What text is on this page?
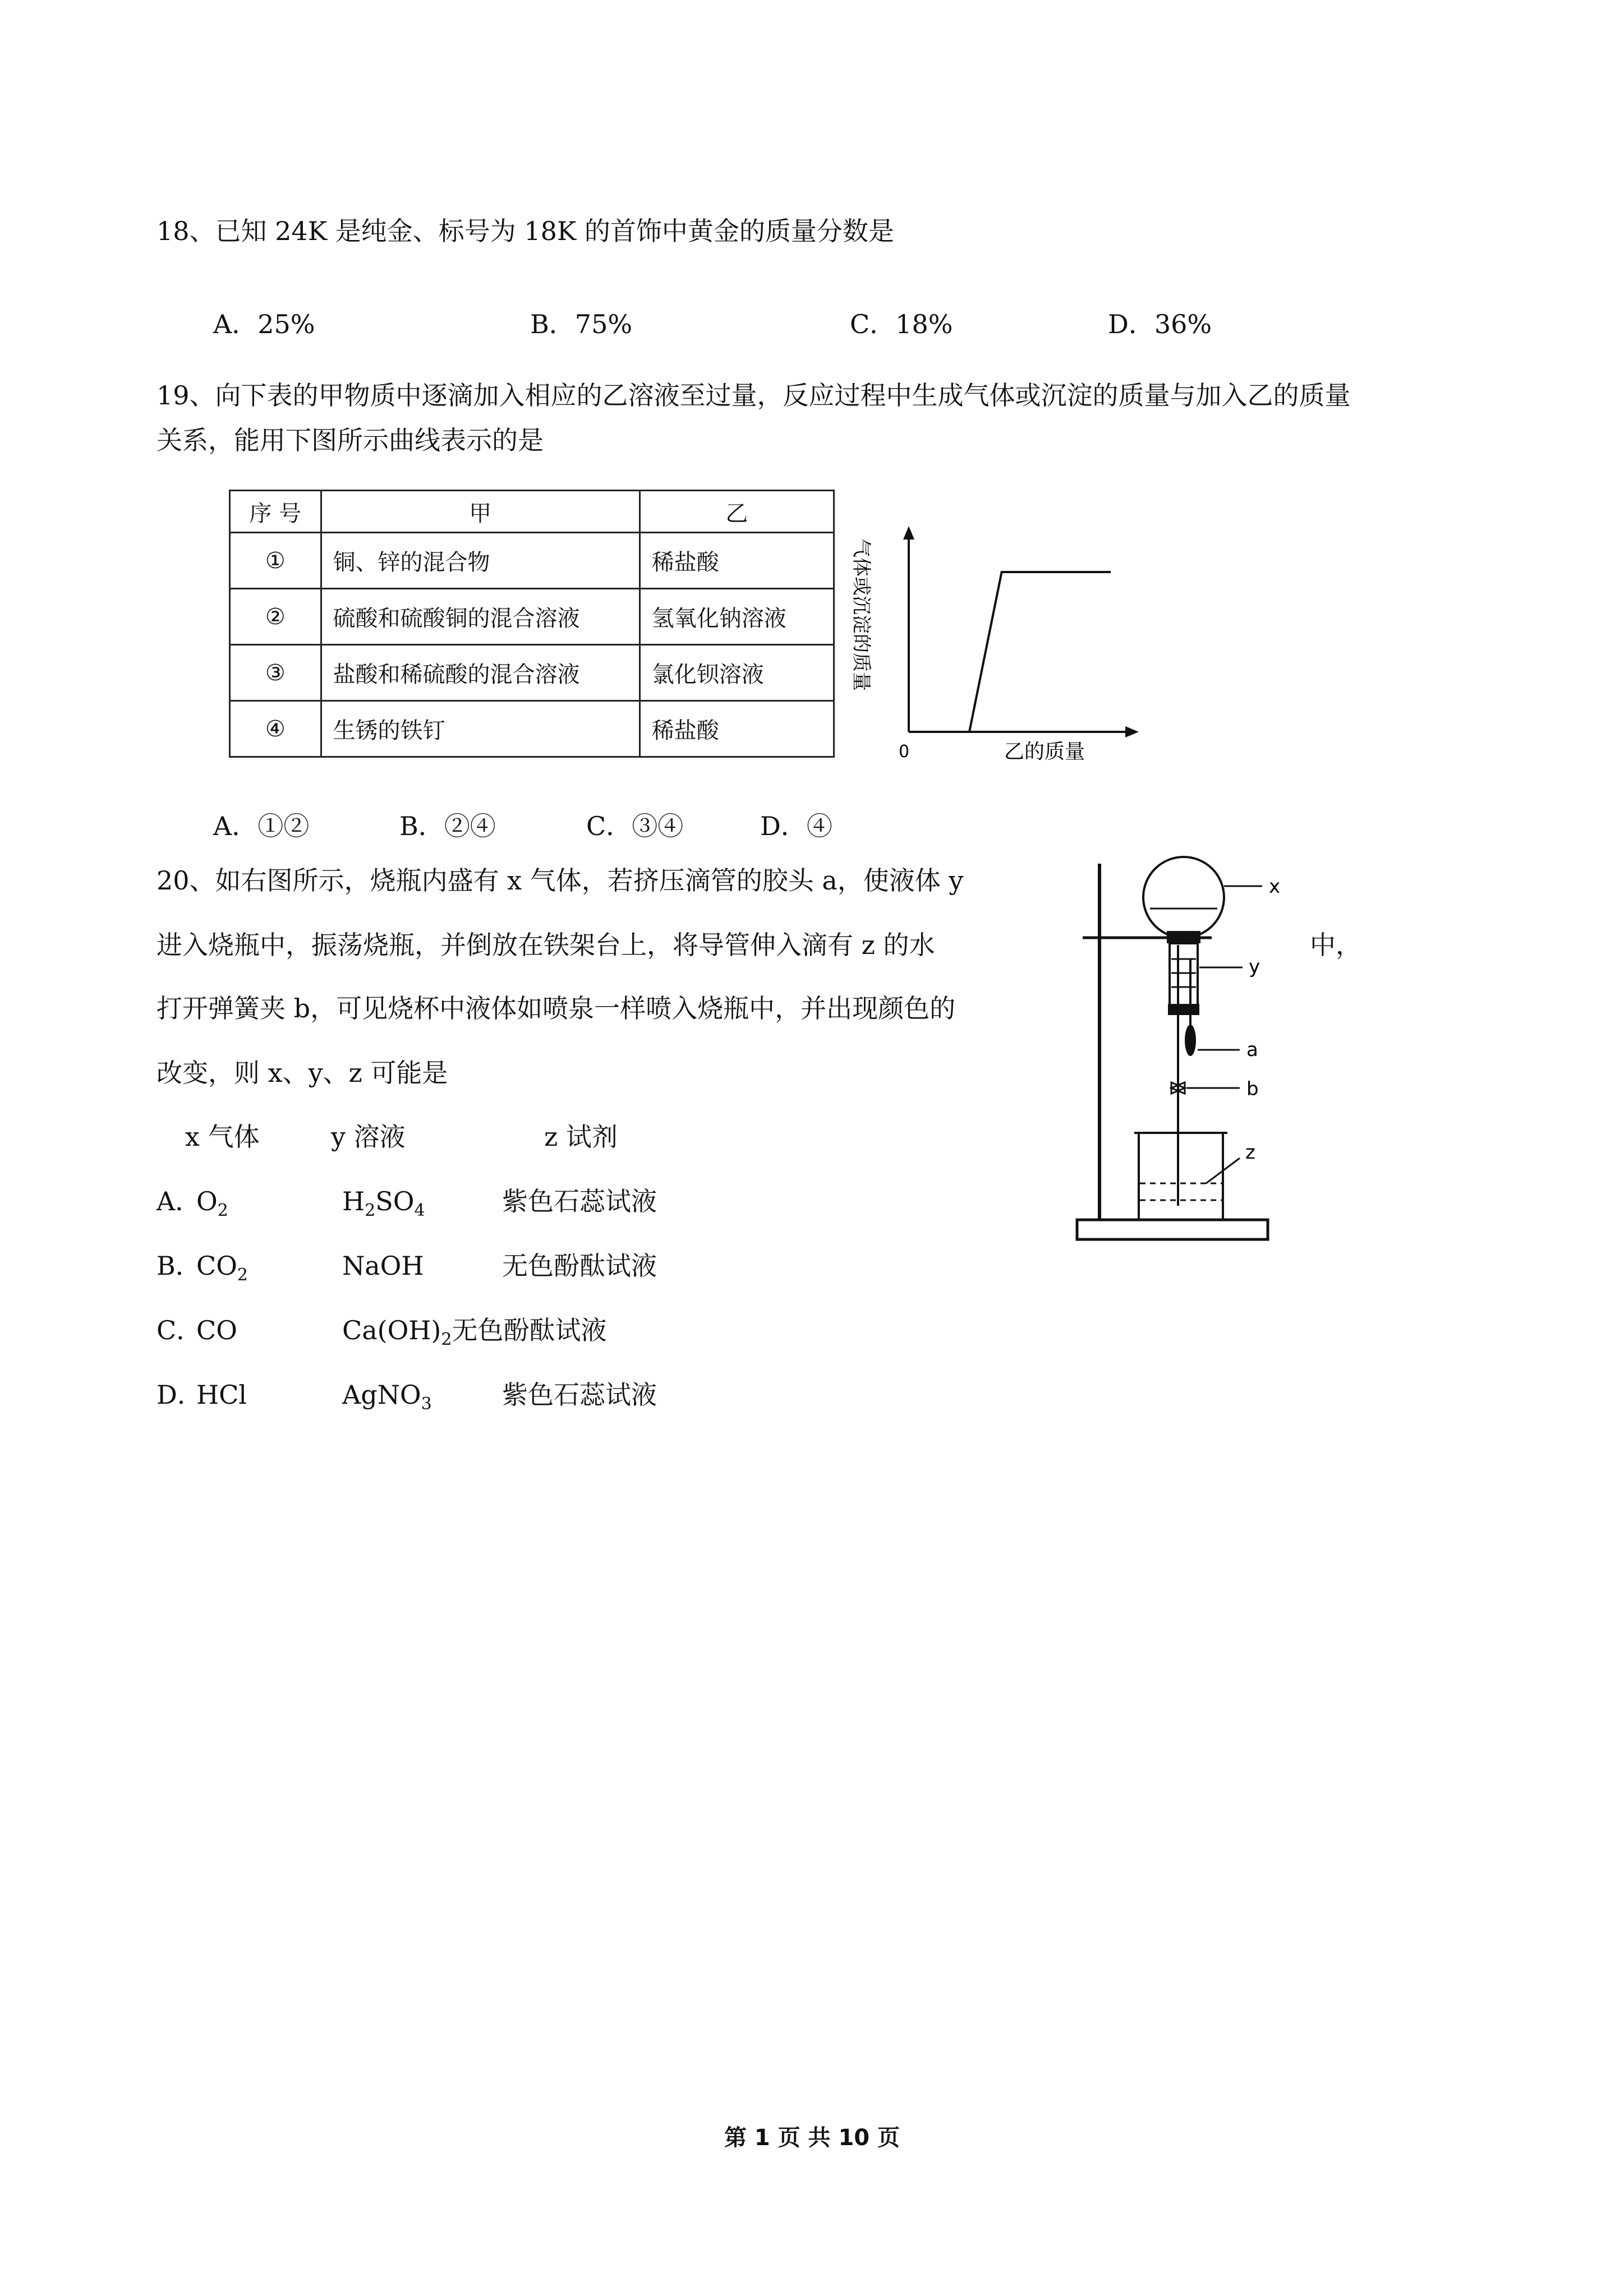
18、已知 24K 是纯金、标号为 18K 的首饰中黄金的质量分数是
A．25%	B．75%	C．18%	D．36%
19、向下表的甲物质中逐滴加入相应的乙溶液至过量，反应过程中生成气体或沉淀的质量与加入乙的质量
关系，能用下图所示曲线表示的是
序 号	甲	乙
①	铜、锌的混合物	稀盐酸
②	硫酸和硫酸铜的混合溶液	氢氧化钠溶液
③	盐酸和稀硫酸的混合溶液	氯化钡溶液
④	生锈的铁钉	稀盐酸
气体或沉淀的质量
0	乙的质量
A．①②	B．②④	C．③④	D．④
20、如右图所示，烧瓶内盛有 x 气体，若挤压滴管的胶头 a，使液体 y
进入烧瓶中，振荡烧瓶，并倒放在铁架台上，将导管伸入滴有 z 的水	中，
打开弹簧夹 b，可见烧杯中液体如喷泉一样喷入烧瓶中，并出现颜色的
改变，则 x、y、z 可能是
x 气体	y 溶液	z 试剂
A．
$O_2$	$H_2SO_4$	紫色石蕊试液
B．
$CO_2$	NaOH	无色酚酞试液
C．
CO	$Ca(OH)_2$无色酚酞试液
D．
HCl	AgNO$_3$	紫色石蕊试液
x
y
a
b
z
第 1 页 共 10 页
